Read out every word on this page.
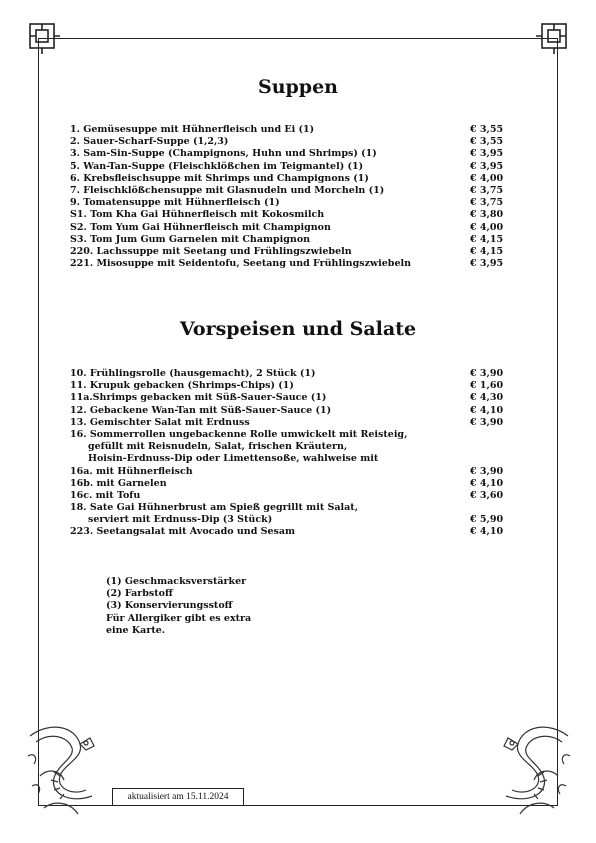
Suppen
1. Gemüsesuppe mit Hühnerfleisch und Ei (1)	€ 3,55
2. Sauer-Scharf-Suppe (1,2,3)	€ 3,55
3. Sam-Sin-Suppe (Champignons, Huhn und Shrimps) (1)	€ 3,95
5. Wan-Tan-Suppe (Fleischklößchen im Teigmantel) (1)	€ 3,95
6. Krebsfleischsuppe mit Shrimps und Champignons (1)	€ 4,00
7. Fleischklößchensuppe mit Glasnudeln und Morcheln (1)	€ 3,75
9. Tomatensuppe mit Hühnerfleisch (1)	€ 3,75
S1. Tom Kha Gai Hühnerfleisch mit Kokosmilch	€ 3,80
S2. Tom Yum Gai Hühnerfleisch mit Champignon	€ 4,00
S3. Tom Jum Gum Garnelen mit Champignon	€ 4,15
220. Lachssuppe mit Seetang und Frühlingszwiebeln	€ 4,15
221. Misosuppe mit Seidentofu, Seetang und Frühlingszwiebeln	€ 3,95
Vorspeisen und Salate
10. Frühlingsrolle (hausgemacht), 2 Stück (1)	€ 3,90
11. Krupuk gebacken (Shrimps-Chips) (1)	€ 1,60
11a.Shrimps gebacken mit Süß-Sauer-Sauce (1)	€ 4,30
12. Gebackene Wan-Tan mit Süß-Sauer-Sauce (1)	€ 4,10
13. Gemischter Salat mit Erdnuss	€ 3,90
16. Sommerrollen ungebackenne Rolle umwickelt mit Reisteig,
gefüllt mit Reisnudeln, Salat, frischen Kräutern,
Hoisin-Erdnuss-Dip oder Limettensoße, wahlweise mit
16a. mit Hühnerfleisch	€ 3,90
16b. mit Garnelen	€ 4,10
16c. mit Tofu	€ 3,60
18. Sate Gai Hühnerbrust am Spieß gegrillt mit Salat,
serviert mit Erdnuss-Dip (3 Stück)	€ 5,90
223. Seetangsalat mit Avocado und Sesam	€ 4,10
(1) Geschmacksverstärker
(2) Farbstoff
(3) Konservierungsstoff
Für Allergiker gibt es extra
eine Karte.
aktualisiert am 15.11.2024
